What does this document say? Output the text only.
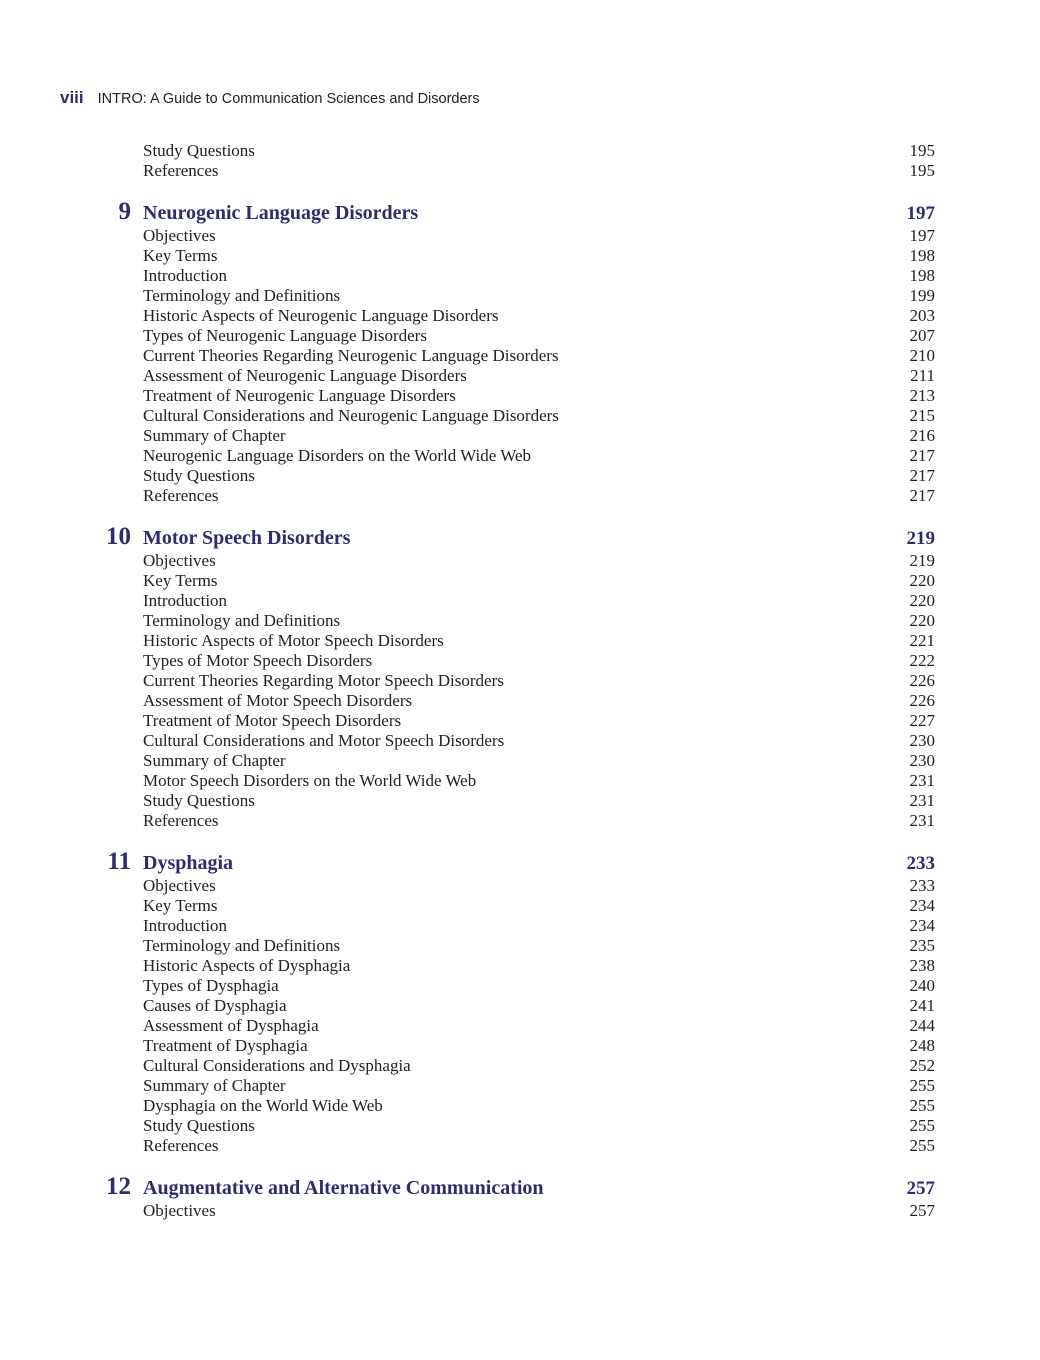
viii INTRO: A Guide to Communication Sciences and Disorders
Study Questions	195
References	195
9 Neurogenic Language Disorders	197
Objectives	197
Key Terms	198
Introduction	198
Terminology and Definitions	199
Historic Aspects of Neurogenic Language Disorders	203
Types of Neurogenic Language Disorders	207
Current Theories Regarding Neurogenic Language Disorders	210
Assessment of Neurogenic Language Disorders	211
Treatment of Neurogenic Language Disorders	213
Cultural Considerations and Neurogenic Language Disorders	215
Summary of Chapter	216
Neurogenic Language Disorders on the World Wide Web	217
Study Questions	217
References	217
10 Motor Speech Disorders	219
Objectives	219
Key Terms	220
Introduction	220
Terminology and Definitions	220
Historic Aspects of Motor Speech Disorders	221
Types of Motor Speech Disorders	222
Current Theories Regarding Motor Speech Disorders	226
Assessment of Motor Speech Disorders	226
Treatment of Motor Speech Disorders	227
Cultural Considerations and Motor Speech Disorders	230
Summary of Chapter	230
Motor Speech Disorders on the World Wide Web	231
Study Questions	231
References	231
11 Dysphagia	233
Objectives	233
Key Terms	234
Introduction	234
Terminology and Definitions	235
Historic Aspects of Dysphagia	238
Types of Dysphagia	240
Causes of Dysphagia	241
Assessment of Dysphagia	244
Treatment of Dysphagia	248
Cultural Considerations and Dysphagia	252
Summary of Chapter	255
Dysphagia on the World Wide Web	255
Study Questions	255
References	255
12 Augmentative and Alternative Communication	257
Objectives	257
